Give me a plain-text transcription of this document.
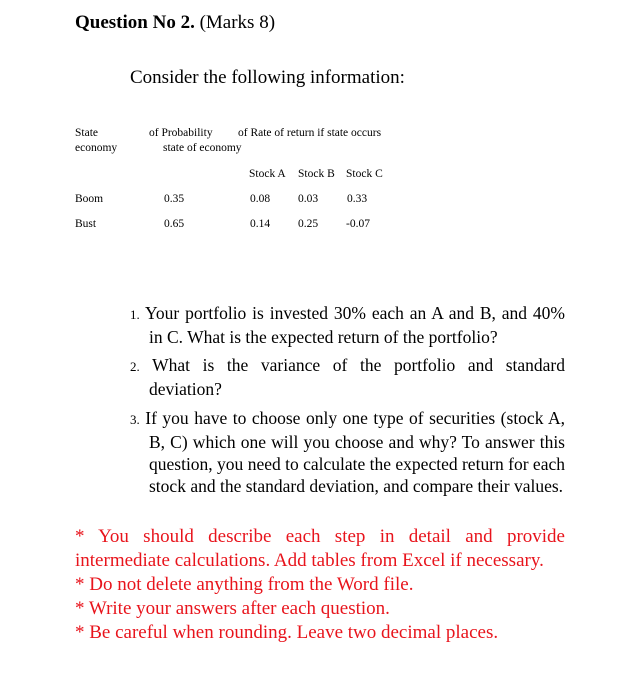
Question No 2. (Marks 8)
Consider the following information:
State
economy
of Probability
state of economy
of Rate of return if state occurs
Stock A Stock B Stock C
Boom	0.35	0.08 0.03	0.33
Bust	0.65	0.14 0.25 -0.07
1. Your portfolio is invested 30% each an A and B, and 40% in C. What is the expected return of the portfolio?
2. What is the variance of the portfolio and standard deviation?
3. If you have to choose only one type of securities (stock A, B, C) which one will you choose and why? To answer this question, you need to calculate the expected return for each stock and the standard deviation, and compare their values.
* You should describe each step in detail and provide intermediate calculations. Add tables from Excel if necessary.
* Do not delete anything from the Word file.
* Write your answers after each question.
* Be careful when rounding. Leave two decimal places.
